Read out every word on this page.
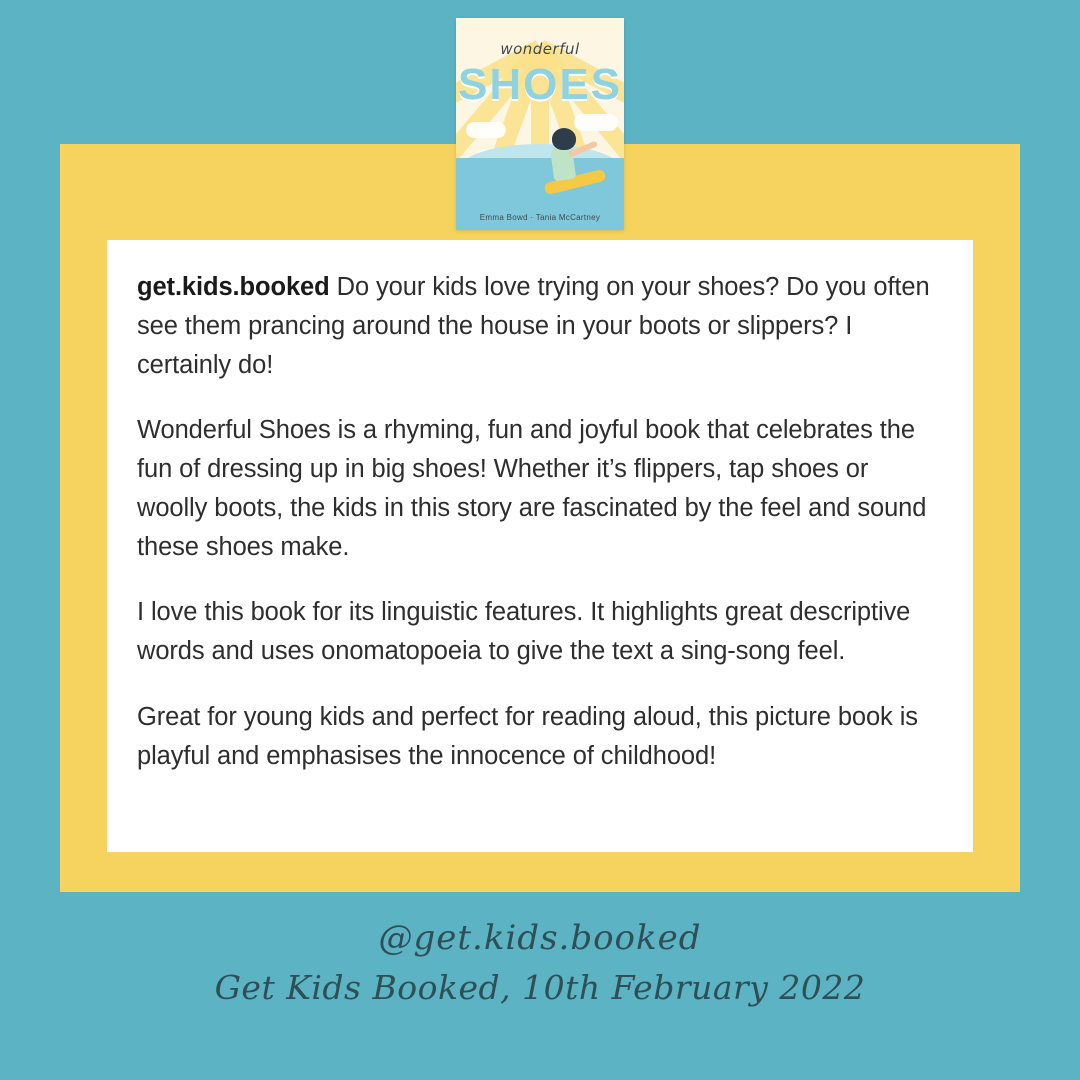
wonderful
SHOES
Emma Bowd · Tania McCartney

get.kids.booked Do your kids love trying on your shoes? Do you often see them prancing around the house in your boots or slippers? I certainly do!

Wonderful Shoes is a rhyming, fun and joyful book that celebrates the fun of dressing up in big shoes! Whether it’s flippers, tap shoes or woolly boots, the kids in this story are fascinated by the feel and sound these shoes make.

I love this book for its linguistic features. It highlights great descriptive words and uses onomatopoeia to give the text a sing-song feel.

Great for young kids and perfect for reading aloud, this picture book is playful and emphasises the innocence of childhood!

@get.kids.booked
Get Kids Booked, 10th February 2022
